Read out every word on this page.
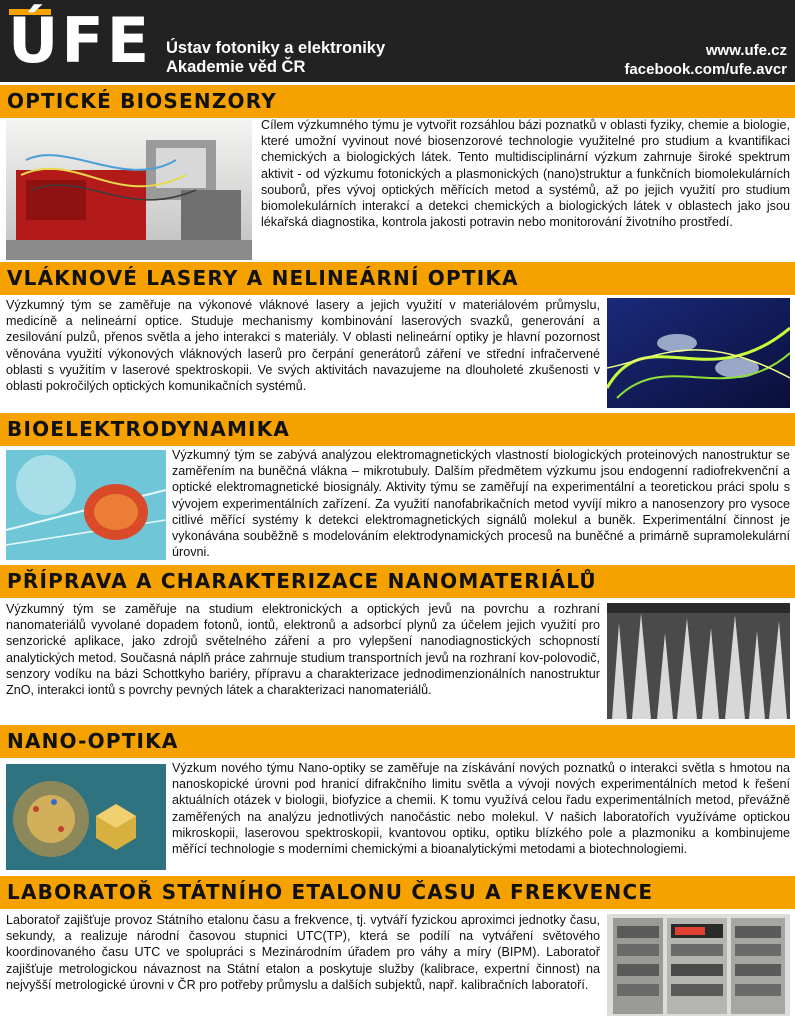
ÚFE Ústav fotoniky a elektroniky
Akademie věd ČR
www.ufe.cz
facebook.com/ufe.avcr
OPTICKÉ BIOSENZORY
Cílem výzkumného týmu je vytvořit rozsáhlou bázi poznatků v oblasti fyziky, chemie a biologie, které umožní vyvinout nové biosenzorové technologie využitelné pro studium a kvantifikaci chemických a biologických látek. Tento multidisciplinární výzkum zahrnuje široké spektrum aktivit - od výzkumu fotonických a plasmonických (nano)struktur a funkčních biomolekulárních souborů, přes vývoj optických měřících metod a systémů, až po jejich využití pro studium biomolekulárních interakcí a detekci chemických a biologických látek v oblastech jako jsou lékařská diagnostika, kontrola jakosti potravin nebo monitorování životního prostředí.
VLÁKNOVÉ LASERY A NELINEÁRNÍ OPTIKA
Výzkumný tým se zaměřuje na výkonové vláknové lasery a jejich využití v materiálovém průmyslu, medicíně a nelineární optice. Studuje mechanismy kombinování laserových svazků, generování a zesilování pulzů, přenos světla a jeho interakci s materiály. V oblasti nelineární optiky je hlavní pozornost věnována využití výkonových vláknových laserů pro čerpání generátorů záření ve střední infračervené oblasti s využitím v laserové spektroskopii. Ve svých aktivitách navazujeme na dlouholeté zkušenosti v oblasti pokročilých optických komunikačních systémů.
BIOELEKTRODYNAMIKA
Výzkumný tým se zabývá analýzou elektromagnetických vlastností biologických proteinových nanostruktur se zaměřením na buněčná vlákna – mikrotubuly. Dalším předmětem výzkumu jsou endogenní radiofrekvenční a optické elektromagnetické biosignály. Aktivity týmu se zaměřují na experimentální a teoretickou práci spolu s vývojem experimentálních zařízení. Za využití nanofabrikačních metod vyvíjí mikro a nanosenzory pro vysoce citlivé měřící systémy k detekci elektromagnetických signálů molekul a buněk. Experimentální činnost je vykonávána souběžně s modelováním elektrodynamických procesů na buněčné a primárně supramolekulární úrovni.
PŘÍPRAVA A CHARAKTERIZACE NANOMATERIÁLŮ
Výzkumný tým se zaměřuje na studium elektronických a optických jevů na povrchu a rozhraní nanomateriálů vyvolané dopadem fotonů, iontů, elektronů a adsorbcí plynů za účelem jejich využití pro senzorické aplikace, jako zdrojů světelného záření a pro vylepšení nanodiagnostických schopností analytických metod. Současná náplň práce zahrnuje studium transportních jevů na rozhraní kov-polovodič, senzory vodíku na bázi Schottkyho bariéry, přípravu a charakterizace jednodimenzionálních nanostruktur ZnO, interakci iontů s povrchy pevných látek a charakterizaci nanomateriálů.
NANO-OPTIKA
Výzkum nového týmu Nano-optiky se zaměřuje na získávání nových poznatků o interakci světla s hmotou na nanoskopické úrovni pod hranicí difrakčního limitu světla a vývoji nových experimentálních metod k řešení aktuálních otázek v biologii, biofyzice a chemii. K tomu využívá celou řadu experimentálních metod, převážně zaměřených na analýzu jednotlivých nanočástic nebo molekul. V našich laboratořích využíváme optickou mikroskopii, laserovou spektroskopii, kvantovou optiku, optiku blízkého pole a plazmoniku a kombinujeme měřící technologie s moderními chemickými a bioanalytickými metodami a biotechnologiemi.
LABORATOŘ STÁTNÍHO ETALONU ČASU A FREKVENCE
Laboratoř zajišťuje provoz Státního etalonu času a frekvence, tj. vytváří fyzickou aproximci jednotky času, sekundy, a realizuje národní časovou stupnici UTC(TP), která se podílí na vytváření světového koordinovaného času UTC ve spolupráci s Mezinárodním úřadem pro váhy a míry (BIPM). Laboratoř zajišťuje metrologickou návaznost na Státní etalon a poskytuje služby (kalibrace, expertní činnost) na nejvyšší metrologické úrovni v ČR pro potřeby průmyslu a dalších subjektů, např. kalibračních laboratoří.
